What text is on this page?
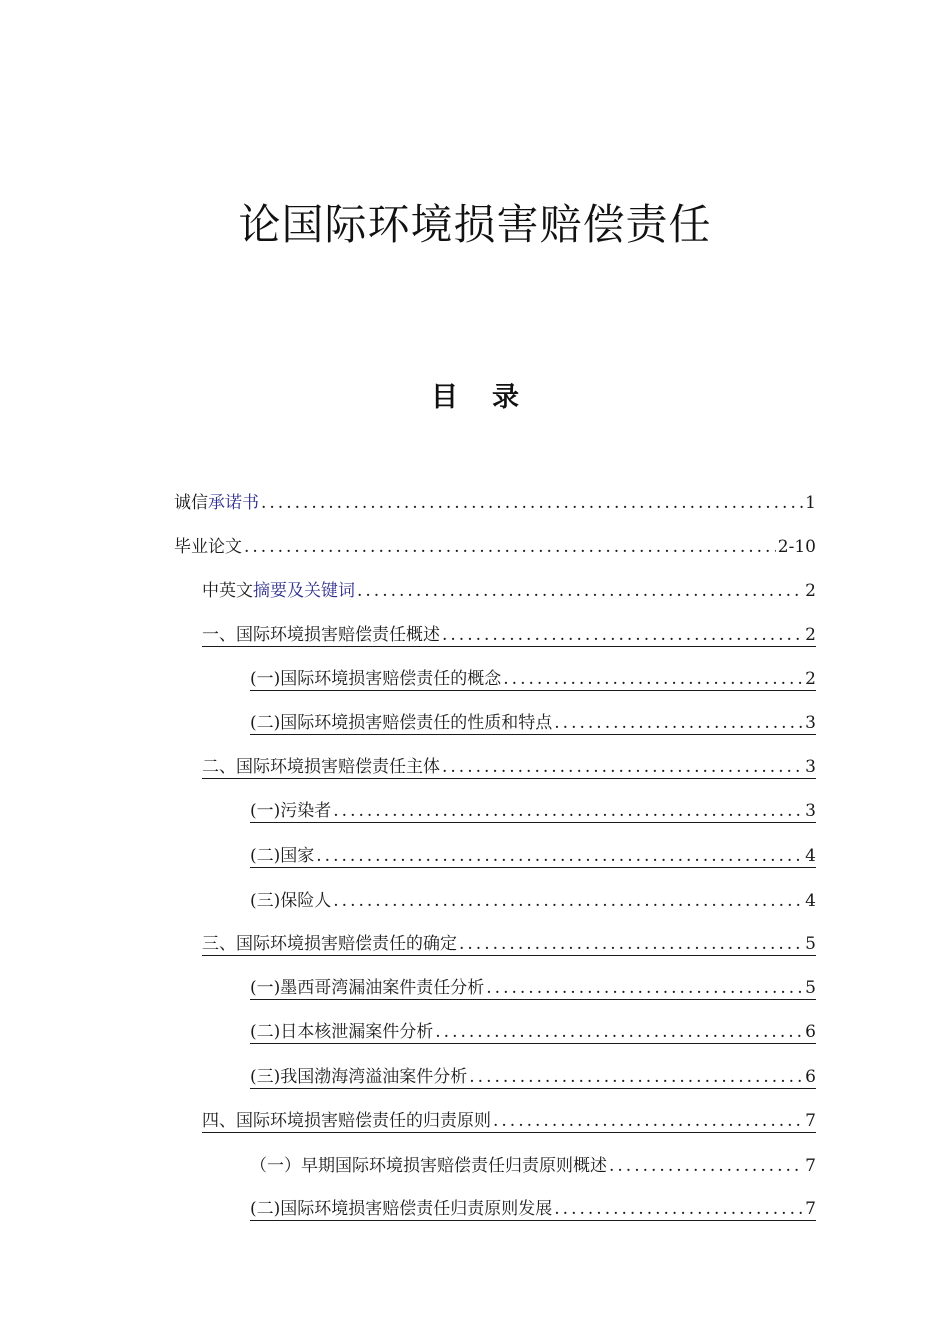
论国际环境损害赔偿责任
目 录
诚信 承诺书 .....	1
毕业论文 .....	2-10
中英文 摘要及关键词 .....	2
一、国际环境损害赔偿责任概述 .....	2
(一)国际环境损害赔偿责任的概念 .....	2
(二)国际环境损害赔偿责任的性质和特点 .....	3
二、国际环境损害赔偿责任主体 .....	3
(一)污染者 .....	3
(二)国家 .....	4
(三)保险人 .....	4
三、国际环境损害赔偿责任的确定 .....	5
(一)墨西哥湾漏油案件责任分析 .....	5
(二)日本核泄漏案件分析 .....	6
(三)我国渤海湾溢油案件分析 .....	6
四、国际环境损害赔偿责任的归责原则 .....	7
（一）早期国际环境损害赔偿责任归责原则概述 .....	7
(二)国际环境损害赔偿责任归责原则发展 .....	7
